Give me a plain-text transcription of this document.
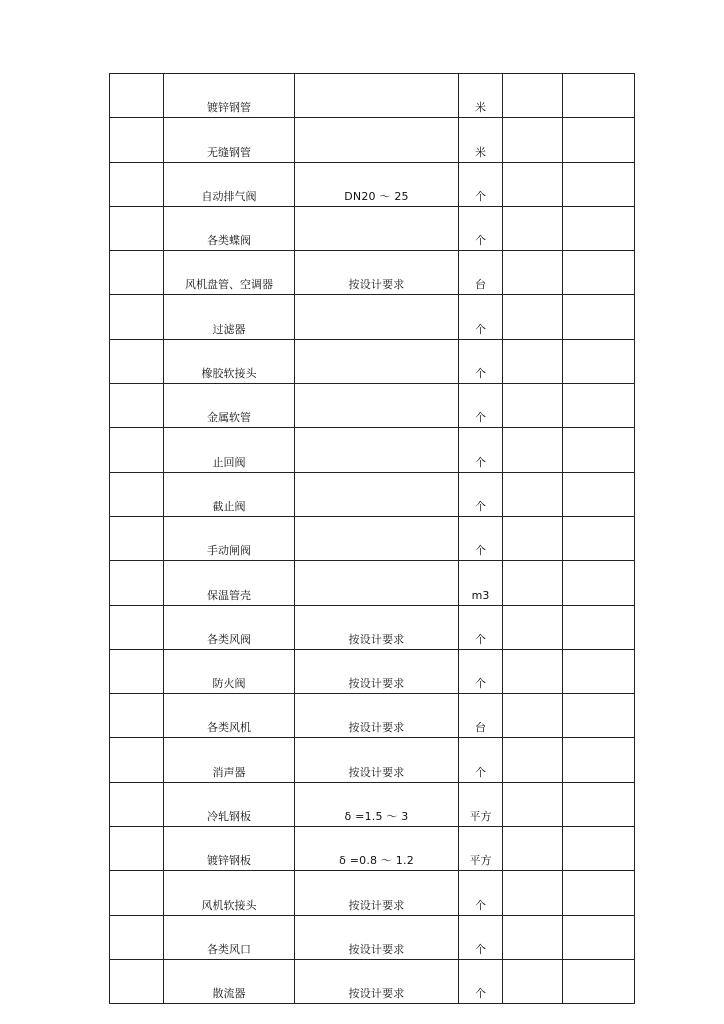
	镀锌钢管		米		
	无缝钢管		米		
	自动排气阀	DN20 ～ 25	个		
	各类蝶阀		个		
	风机盘管、空调器	按设计要求	台		
	过滤器		个		
	橡胶软接头		个		
	金属软管		个		
	止回阀		个		
	截止阀		个		
	手动闸阀		个		
	保温管壳		m3		
	各类风阀	按设计要求	个		
	防火阀	按设计要求	个		
	各类风机	按设计要求	台		
	消声器	按设计要求	个		
	冷轧钢板	δ =1.5 ～ 3	平方		
	镀锌钢板	δ =0.8 ～ 1.2	平方		
	风机软接头	按设计要求	个		
	各类风口	按设计要求	个		
	散流器	按设计要求	个		
